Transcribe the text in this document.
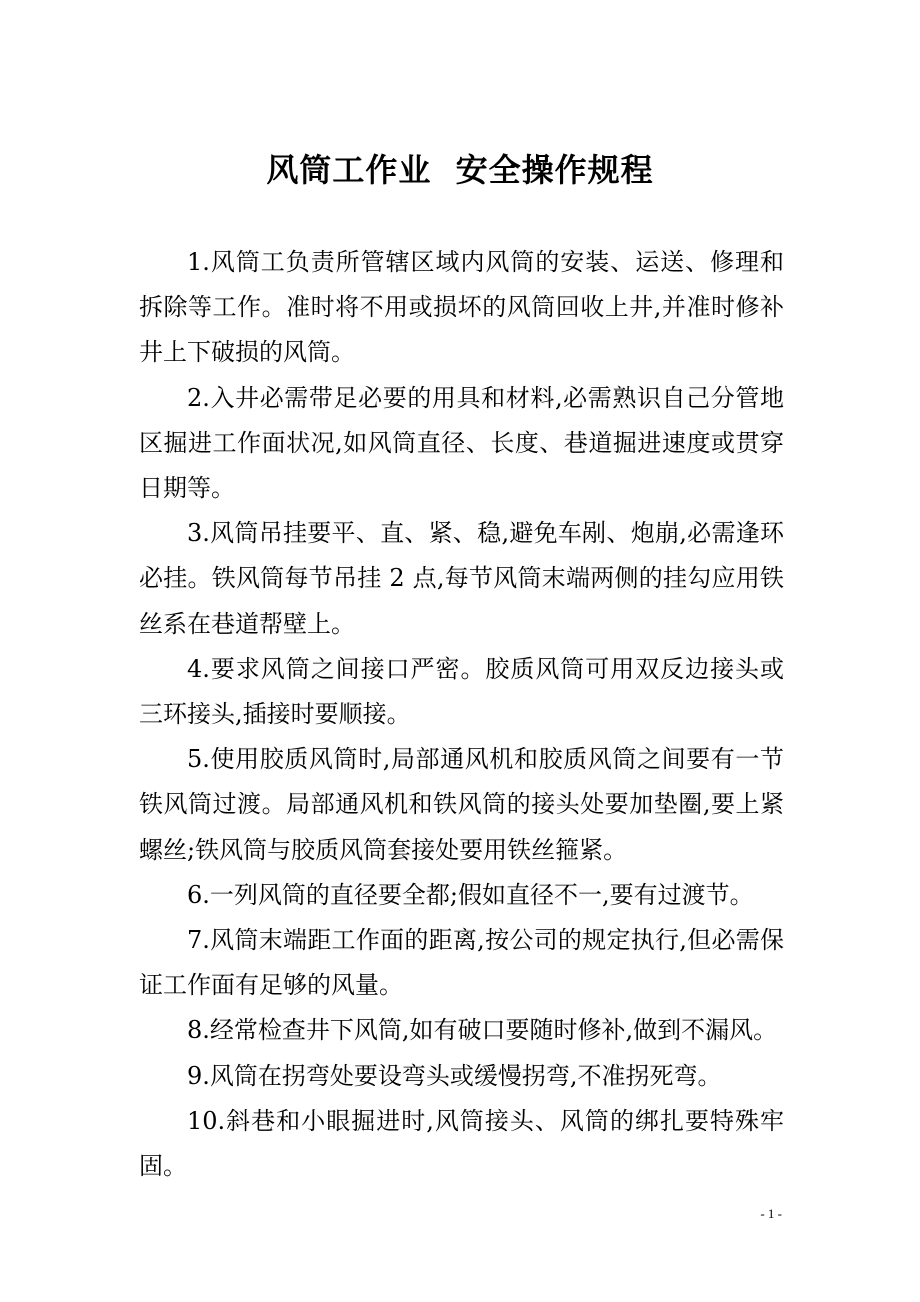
风筒工作业  安全操作规程

1.风筒工负责所管辖区域内风筒的安装、运送、修理和拆除等工作。准时将不用或损坏的风筒回收上井,并准时修补井上下破损的风筒。

2.入井必需带足必要的用具和材料,必需熟识自己分管地区掘进工作面状况,如风筒直径、长度、巷道掘进速度或贯穿日期等。

3.风筒吊挂要平、直、紧、稳,避免车剐、炮崩,必需逢环必挂。铁风筒每节吊挂 2 点,每节风筒末端两侧的挂勾应用铁丝系在巷道帮壁上。

4.要求风筒之间接口严密。胶质风筒可用双反边接头或三环接头,插接时要顺接。

5.使用胶质风筒时,局部通风机和胶质风筒之间要有一节铁风筒过渡。局部通风机和铁风筒的接头处要加垫圈,要上紧螺丝;铁风筒与胶质风筒套接处要用铁丝箍紧。

6.一列风筒的直径要全都;假如直径不一,要有过渡节。

7.风筒末端距工作面的距离,按公司的规定执行,但必需保证工作面有足够的风量。

8.经常检查井下风筒,如有破口要随时修补,做到不漏风。

9.风筒在拐弯处要设弯头或缓慢拐弯,不准拐死弯。

10.斜巷和小眼掘进时,风筒接头、风筒的绑扎要特殊牢固。

- 1 -
